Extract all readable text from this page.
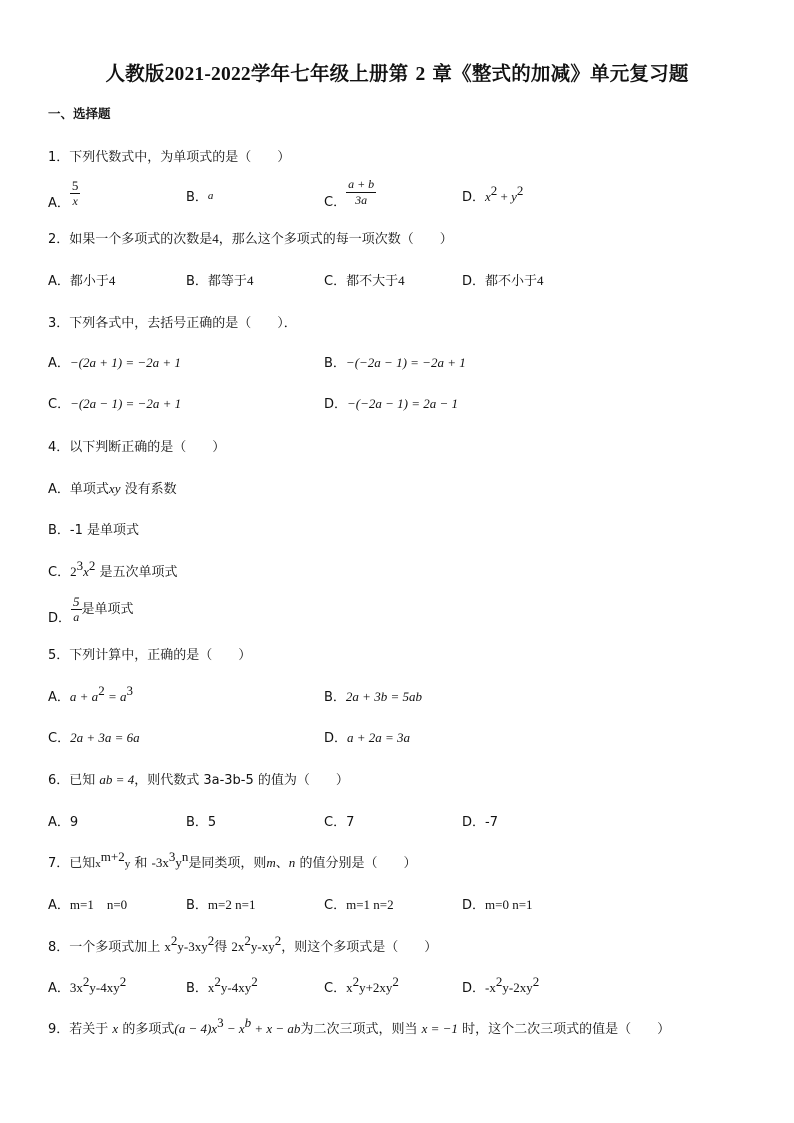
人教版2021-2022学年七年级上册第 2 章《整式的加减》单元复习题
一、选择题
1．下列代数式中，为单项式的是（　　）
A． $\frac{5}{x}$	B．a	C． $\frac{a + b}{3a}$	D．$x^2 + y^2$
2．如果一个多项式的次数是4，那么这个多项式的每一项次数（　　）
A．都小于4	B．都等于4	C．都不大于4	D．都不小于4
3．下列各式中，去括号正确的是（　　）．
A．−(2a + 1) = −2a + 1	B．−(−2a − 1) = −2a + 1
C．−(2a − 1) = −2a + 1	D．−(−2a − 1) = 2a − 1
4．以下判断正确的是（　　）
A．单项式xy 没有系数
B．-1 是单项式
C．$2^3x^2$ 是五次单项式
D． $\frac{5}{a}$ 是单项式
5．下列计算中，正确的是（　　）
A．$a + a^2 = a^3$	B．2a + 3b = 5ab
C．2a + 3a = 6a	D．a + 2a = 3a
6．已知 ab = 4，则代数式 3a-3b-5 的值为（　　）
A．9	B．5	C．7	D．-7
7．已知$x^{m+2}y$ 和 $-3x^3y^n$是同类项，则m、n 的值分别是（　　）
A．m=1　n=0	B．m=2 n=1	C．m=1 n=2	D．m=0 n=1
8．一个多项式加上 $x^2y-3xy^2$得 $2x^2y-xy^2$，则这个多项式是（　　）
A．$3x^2y-4xy^2$	B．$x^2y-4xy^2$	C．$x^2y+2xy^2$	D．$-x^2y-2xy^2$
9．若关于 x 的多项式$(a - 4)x^3 - x^b + x$ − ab为二次三项式，则当 x = −1 时，这个二次三项式的值是（　　）
